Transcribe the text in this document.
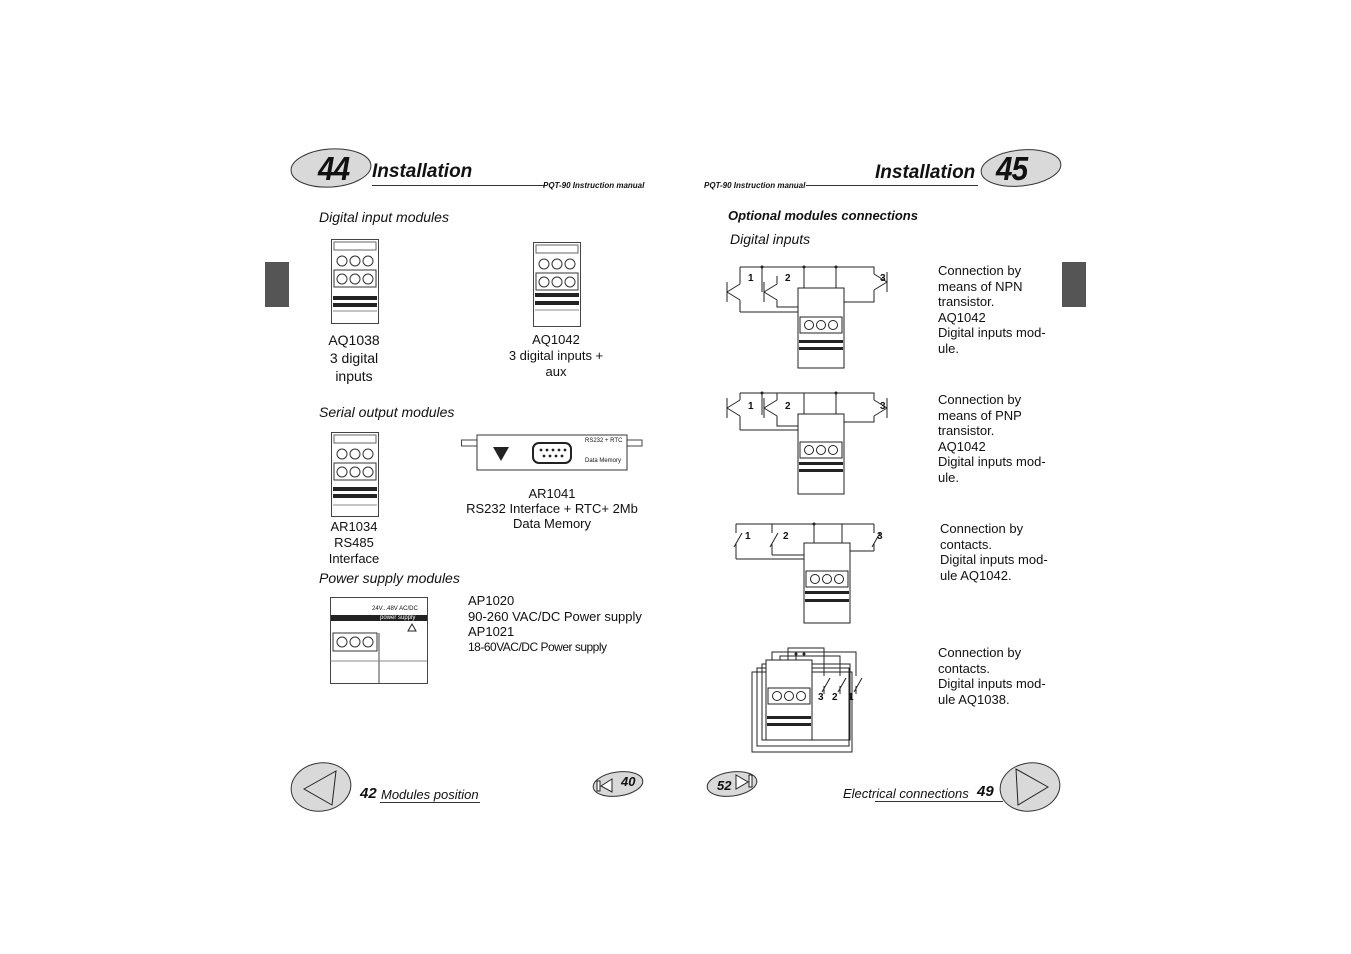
44 Installation
PQT-90 Instruction manual
Digital input modules
AQ1038
3 digital
inputs
AQ1042
3 digital inputs +
aux
Serial output modules
AR1034
RS485
Interface
RS232 + RTC
Data Memory
AR1041
RS232 Interface + RTC+ 2Mb
Data Memory
Power supply modules
24V...48V AC/DC
power supply
AP1020
90-260 VAC/DC Power supply
AP1021
18-60VAC/DC Power supply
42 Modules position
40
PQT-90 Instruction manual
Installation 45
Optional modules connections
Digital inputs
1	2	3
Connection by
means of NPN
transistor.
AQ1042
Digital inputs mod-
ule.
1	2	3	Connection by
means of PNP
transistor.
AQ1042
Digital inputs mod-
ule.
1	2	3
Connection by
contacts.
Digital inputs mod-
ule AQ1042.
3 2 1
Connection by
contacts.
Digital inputs mod-
ule AQ1038.
52
Electrical connections 49
